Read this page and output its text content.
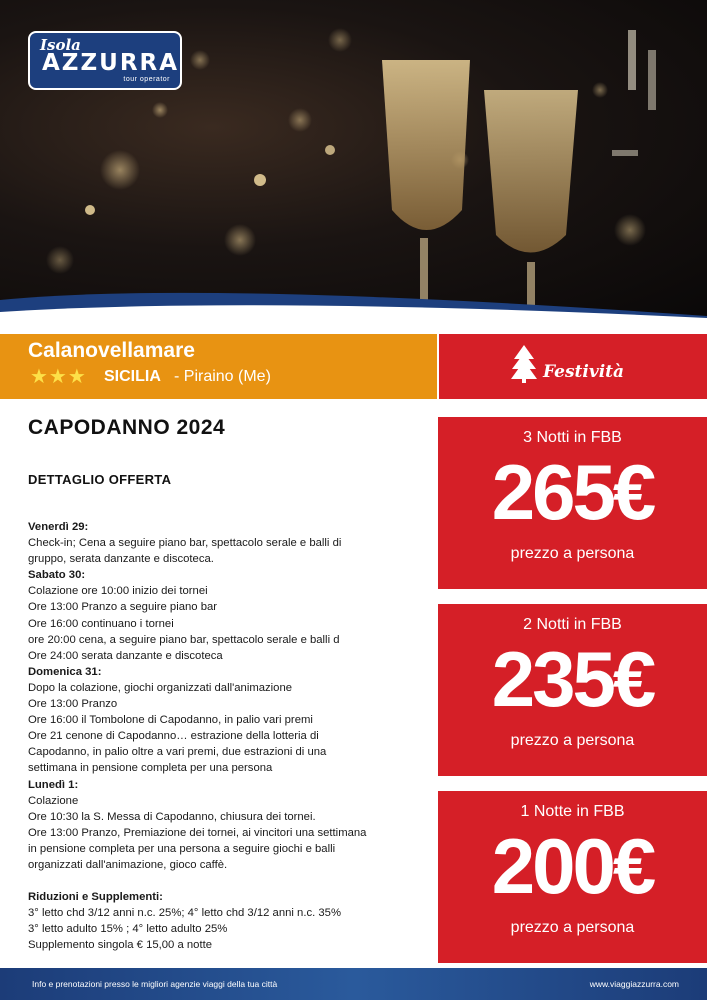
Isola
AZZURRA
tour operator
Calanovellamare
★★★ SICILIA - Piraino (Me)	Festività
CAPODANNO 2024
DETTAGLIO OFFERTA
Venerdì 29:
Check-in; Cena a seguire piano bar, spettacolo serale e balli di
gruppo, serata danzante e discoteca.
Sabato 30:
Colazione ore 10:00 inizio dei tornei
Ore 13:00 Pranzo a seguire piano bar
Ore 16:00 continuano i tornei
ore 20:00 cena, a seguire piano bar, spettacolo serale e balli d
Ore 24:00 serata danzante e discoteca
Domenica 31:
Dopo la colazione, giochi organizzati dall'animazione
Ore 13:00 Pranzo
Ore 16:00 il Tombolone di Capodanno, in palio vari premi
Ore 21 cenone di Capodanno… estrazione della lotteria di
Capodanno, in palio oltre a vari premi, due estrazioni di una
settimana in pensione completa per una persona
Lunedì 1:
Colazione
Ore 10:30 la S. Messa di Capodanno, chiusura dei tornei.
Ore 13:00 Pranzo, Premiazione dei tornei, ai vincitori una settimana
in pensione completa per una persona a seguire giochi e balli
organizzati dall'animazione, gioco caffè.
Riduzioni e Supplementi:
3° letto chd 3/12 anni n.c. 25%; 4° letto chd 3/12 anni n.c. 35%
3° letto adulto 15% ; 4° letto adulto 25%
Supplemento singola € 15,00 a notte
3 Notti in FBB
265€
prezzo a persona
2 Notti in FBB
235€
prezzo a persona
1 Notte in FBB
200€
prezzo a persona
Info e prenotazioni presso le migliori agenzie viaggi della tua città	www.viaggiazzurra.com
